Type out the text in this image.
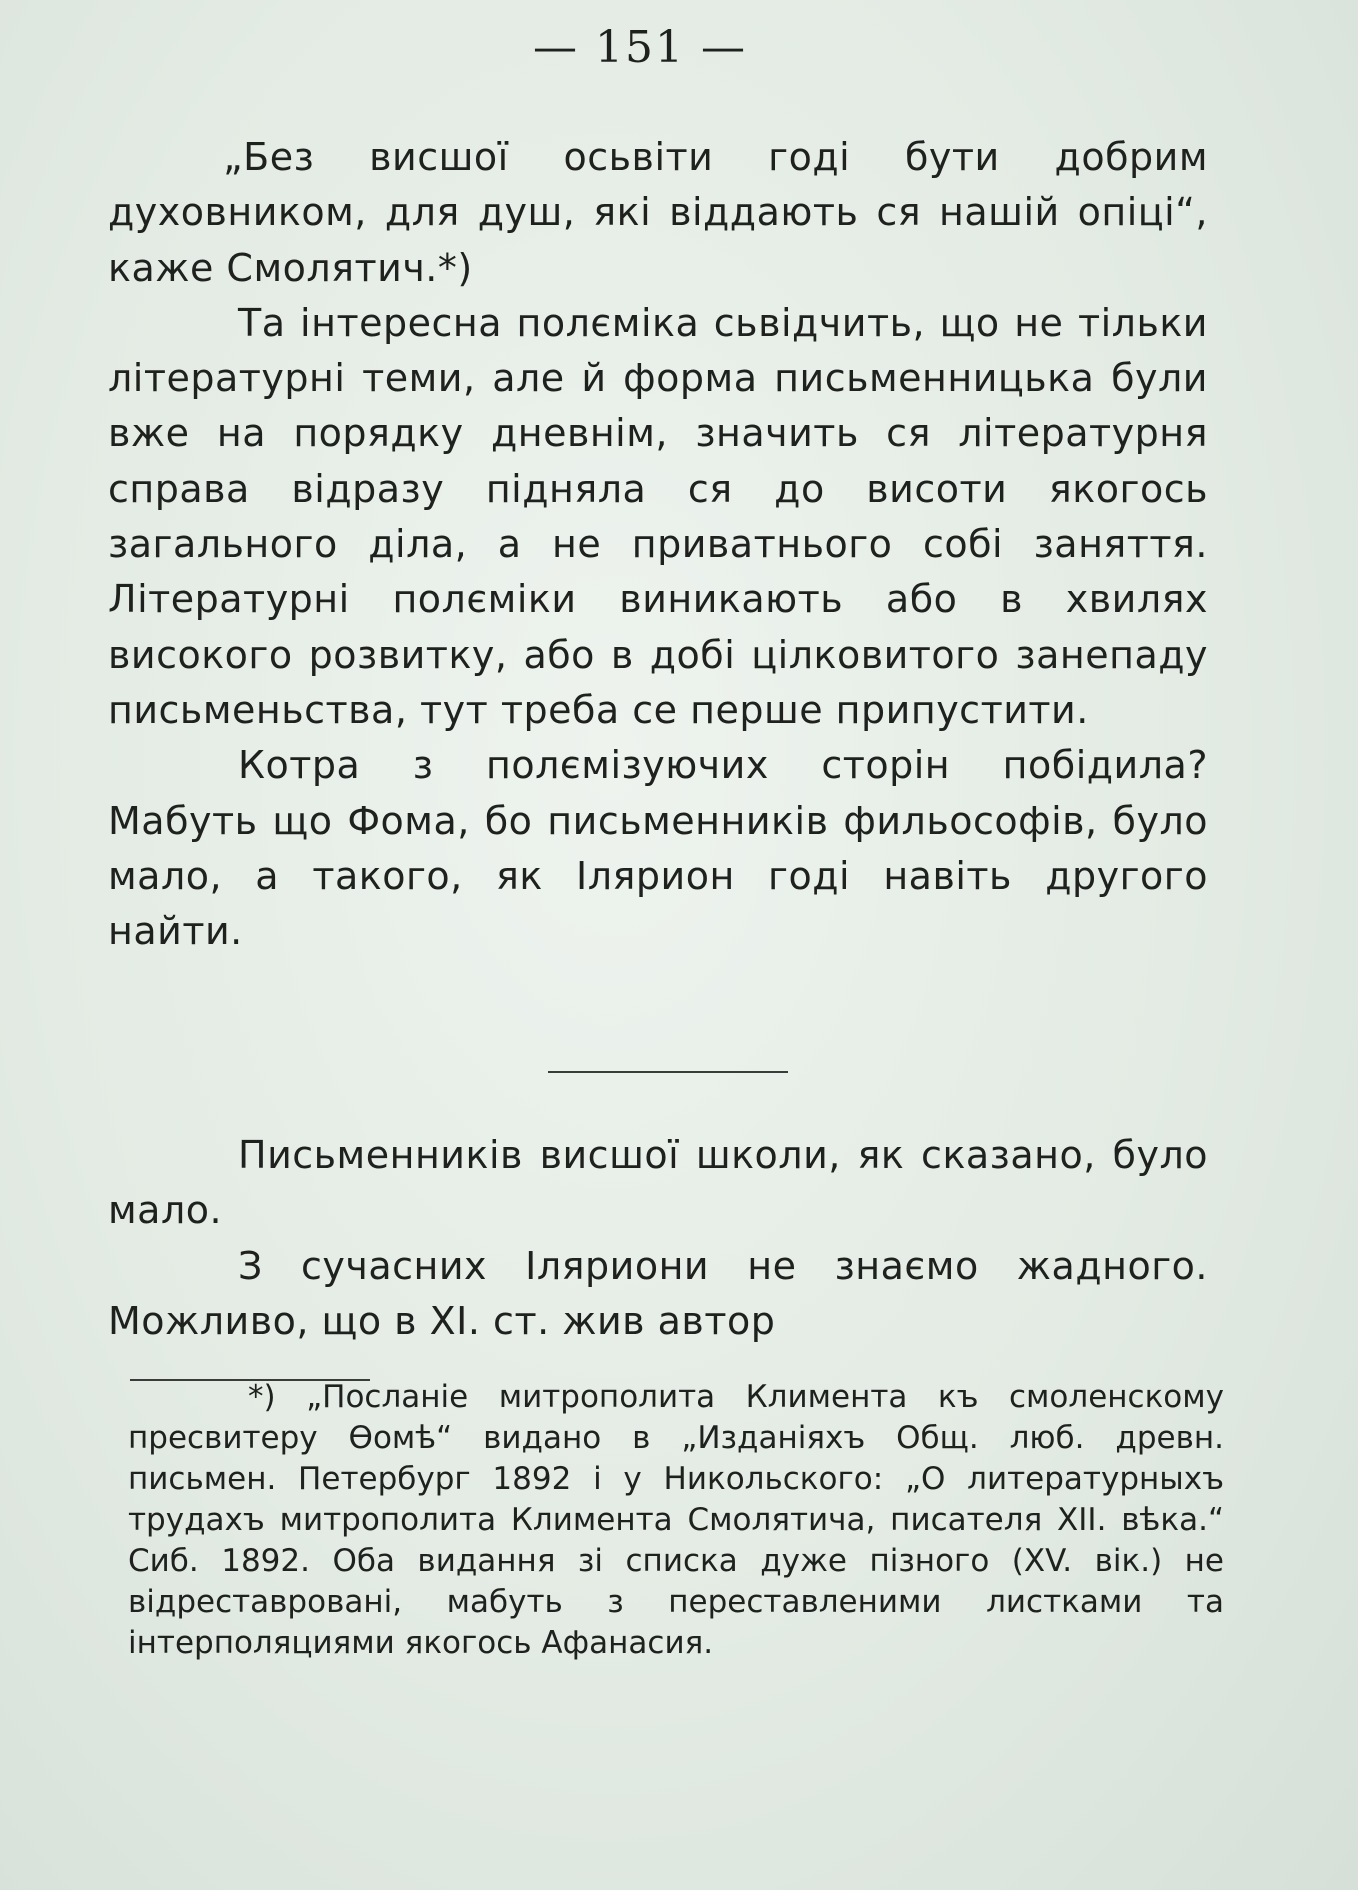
— 151 —

„Без висшої осьвіти годі бути добрим духовником, для душ, які віддають ся нашій опіці“, каже Смолятич.*)

Та інтересна полєміка сьвідчить, що не тільки літературні теми, але й форма письменницька були вже на порядку дневнім, значить ся літературня справа відразу підняла ся до висоти якогось загального діла, а не приватнього собі заняття. Літературні полєміки виникають або в хвилях високого розвитку, або в добі цілковитого занепаду письменьства, тут треба се перше припустити.

Котра з полємізуючих сторін побідила? Мабуть що Фома, бо письменників фильософів, було мало, а такого, як Ілярион годі навіть другого найти.

Письменників висшої школи, як сказано, було мало.

З сучасних Іляриони не знаємо жадного. Можливо, що в XI. ст. жив автор

*) „Посланіе митрополита Климента къ смоленскому пресвитеру Ѳомѣ“ видано в „Изданіяхъ Общ. люб. древн. письмен. Петербург 1892 і у Никольского: „О литературныхъ трудахъ митрополита Климента Смолятича, писателя XII. вѣка.“ Сиб. 1892. Оба видання зі списка дуже пізного (XV. вік.) не відреставровані, мабуть з переставленими листками та інтерполяциями якогось Афанасия.
